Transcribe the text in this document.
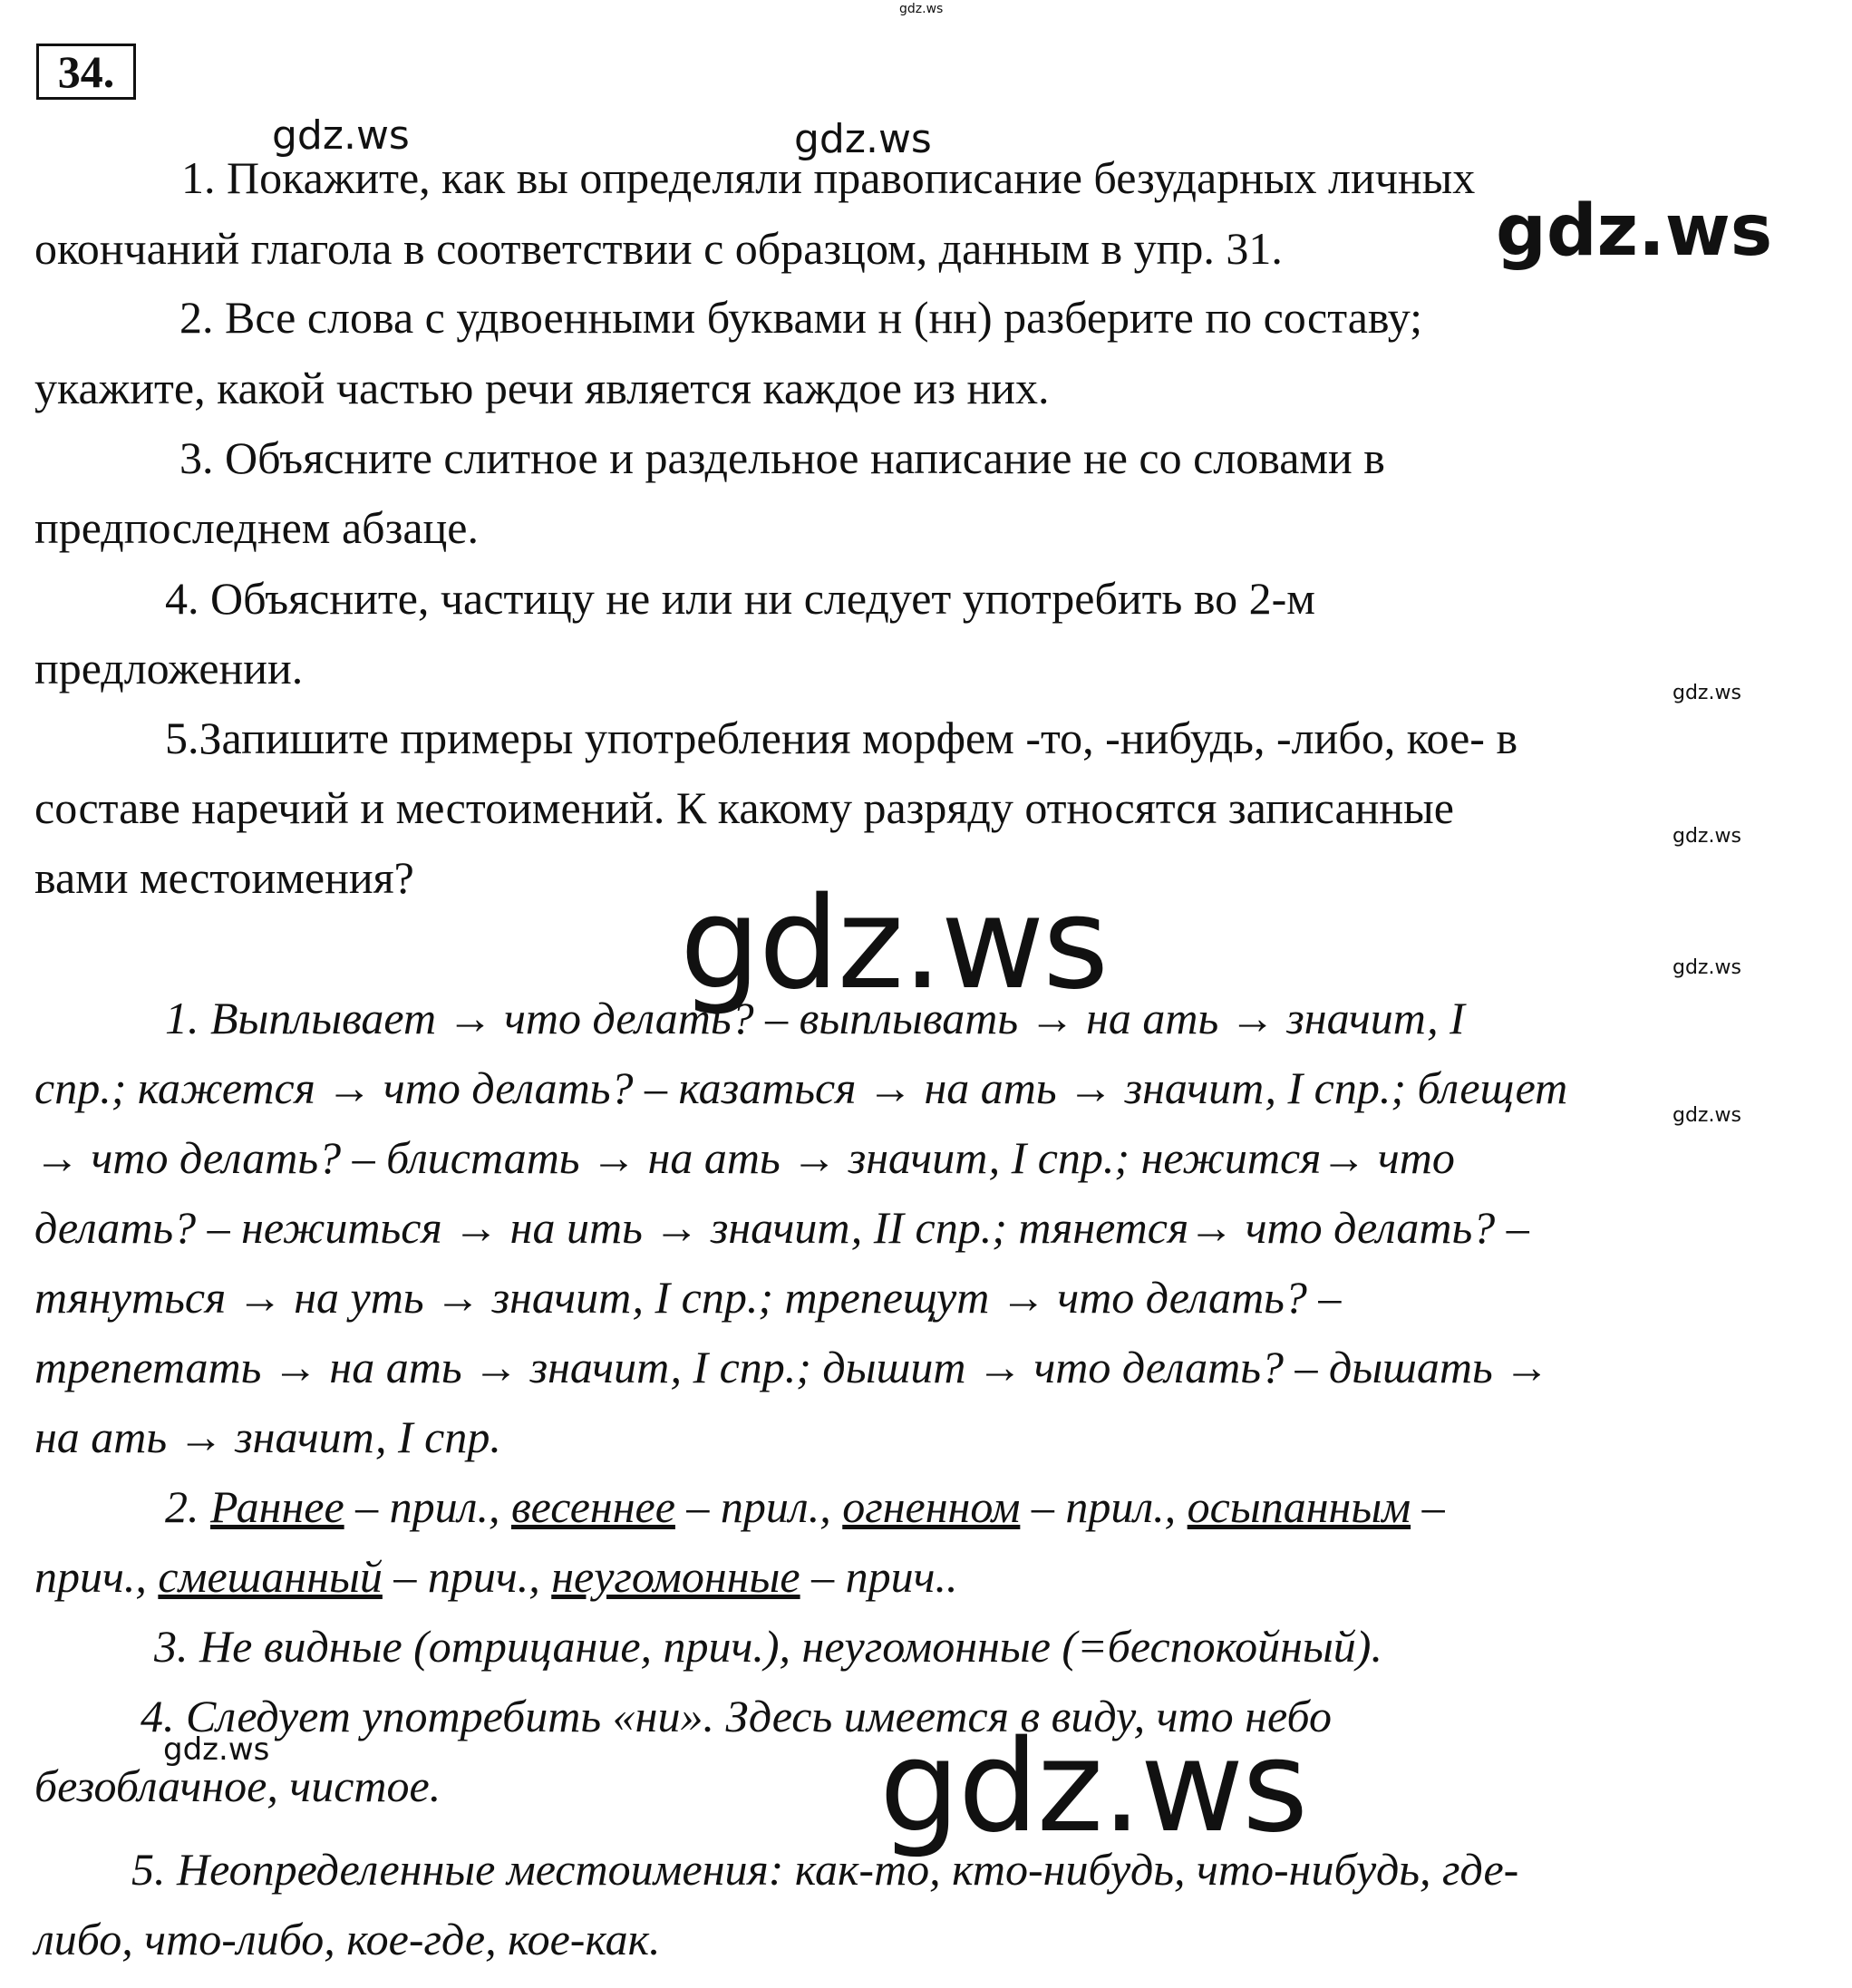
34.
1. Покажите, как вы определяли правописание безударных личных
окончаний глагола в соответствии с образцом, данным в упр. 31.
2. Все слова с удвоенными буквами н (нн) разберите по составу;
укажите, какой частью речи является каждое из них.
3. Объясните слитное и раздельное написание не со словами в
предпоследнем абзаце.
4. Объясните, частицу не или ни следует употребить во 2-м
предложении.
5.Запишите примеры употребления морфем -то, -нибудь, -либо, кое- в
составе наречий и местоимений. К какому разряду относятся записанные
вами местоимения?
1. Выплывает → что делать? – выплывать → на ать → значит, I
спр.; кажется → что делать? – казаться → на ать → значит, I спр.; блещет
→ что делать? – блистать → на ать → значит, I спр.; нежится→ что
делать? – нежиться → на ить → значит, II спр.; тянется→ что делать? –
тянуться → на уть → значит, I спр.; трепещут → что делать? –
трепетать → на ать → значит, I спр.; дышит → что делать? – дышать →
на ать → значит, I спр.
2. Раннее – прил., весеннее – прил., огненном – прил., осыпанным –
прич., смешанный – прич., неугомонные – прич..
3. Не видные (отрицание, прич.), неугомонные (=беспокойный).
4. Следует употребить «ни». Здесь имеется в виду, что небо
безоблачное, чистое.
5. Неопределенные местоимения: как-то, кто-нибудь, что-нибудь, где-
либо, что-либо, кое-где, кое-как.
gdz.ws
gdz.ws
gdz.ws
gdz.ws	gdz.ws
gdz.ws
gdz.ws
gdz.ws
gdz.ws
gdz.ws
gdz.ws
